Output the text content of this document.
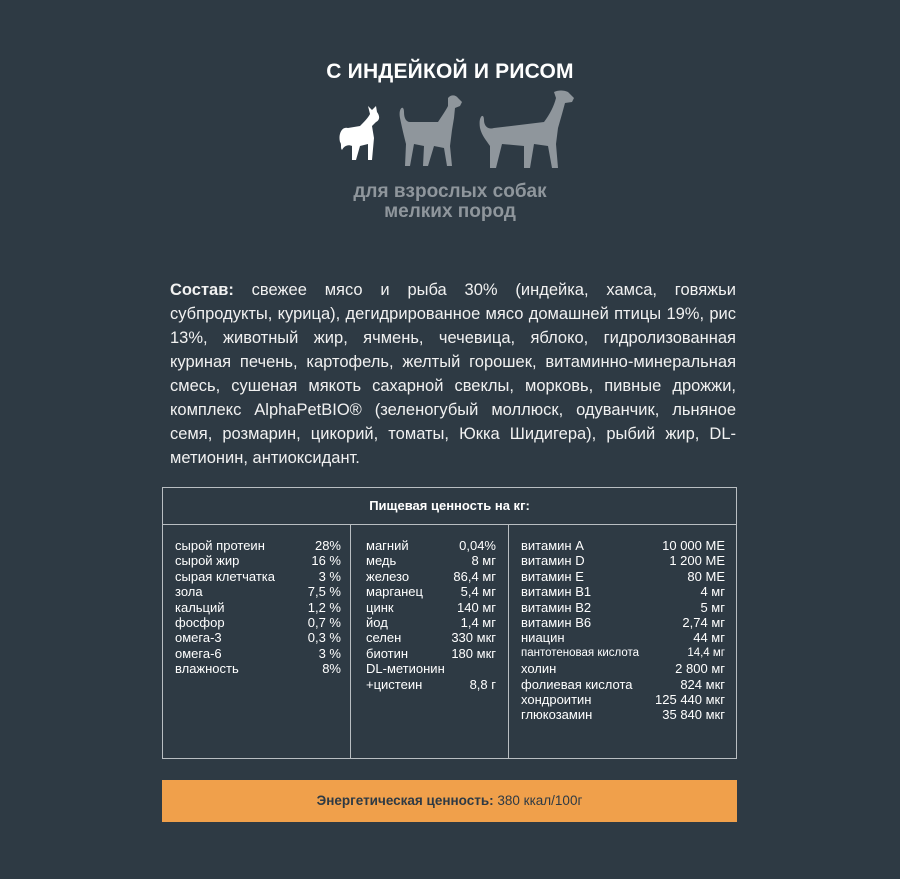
С ИНДЕЙКОЙ И РИСОМ
для взрослых собак
мелких пород
Состав: свежее мясо и рыба 30% (индейка, хамса, говяжьи субпродукты, курица), дегидрированное мясо домашней птицы 19%, рис 13%, животный жир, ячмень, чечевица, яблоко, гидролизованная куриная печень, картофель, желтый горошек, витаминно-минеральная смесь, сушеная мякоть сахарной свеклы, морковь, пивные дрожжи, комплекс AlphaPetBIO® (зеленогубый моллюск, одуванчик, льняное семя, розмарин, цикорий, томаты, Юкка Шидигера), рыбий жир, DL-метионин, антиоксидант.
Пищевая ценность на кг:
сырой протеин	28%
сырой жир	16 %
сырая клетчатка	3 %
зола	7,5 %
кальций	1,2 %
фосфор	0,7 %
омега-3	0,3 %
омега-6	3 %
влажность	8%
магний	0,04%
медь	8 мг
железо	86,4 мг
марганец	5,4 мг
цинк	140 мг
йод	1,4 мг
селен	330 мкг
биотин	180 мкг
DL-метионин
+цистеин	8,8 г
витамин A	10 000 МЕ
витамин D	1 200 МЕ
витамин E	80 МЕ
витамин B1	4 мг
витамин B2	5 мг
витамин B6	2,74 мг
ниацин	44 мг
пантотеновая кислота	14,4 мг
холин	2 800 мг
фолиевая кислота	824 мкг
хондроитин	125 440 мкг
глюкозамин	35 840 мкг
Энергетическая ценность: 380 ккал/100г
